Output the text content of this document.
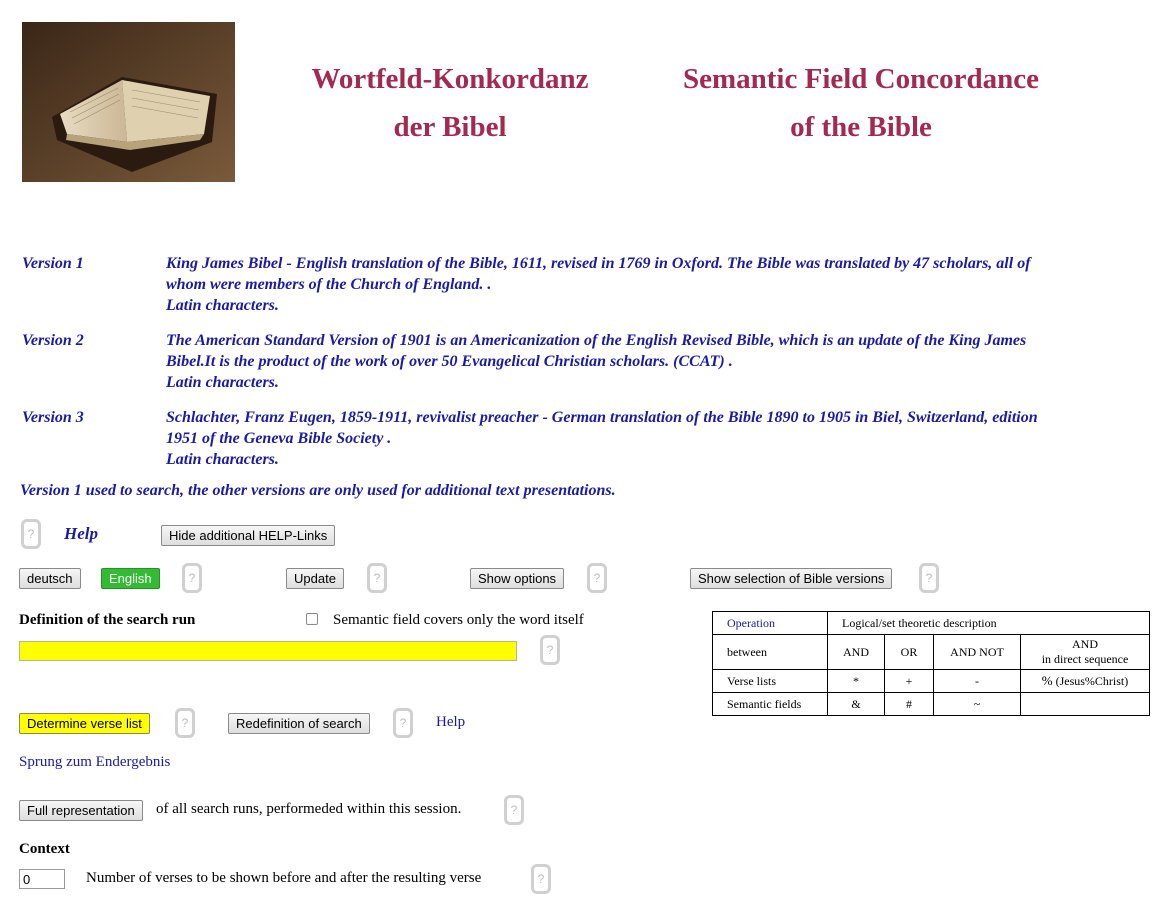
Wortfeld-Konkordanz
der Bibel
Semantic Field Concordance
of the Bible
Version 1	King James Bibel - English translation of the Bible, 1611, revised in 1769 in Oxford. The Bible was translated by 47 scholars, all of
whom were members of the Church of England. .
Latin characters.
Version 2	The American Standard Version of 1901 is an Americanization of the English Revised Bible, which is an update of the King James
Bibel.It is the product of the work of over 50 Evangelical Christian scholars. (CCAT) .
Latin characters.
Version 3	Schlachter, Franz Eugen, 1859-1911, revivalist preacher - German translation of the Bible 1890 to 1905 in Biel, Switzerland, edition
1951 of the Geneva Bible Society .
Latin characters.
Version 1 used to search, the other versions are only used for additional text presentations.
?	Help	Hide additional HELP-Links
deutsch	English	?	Update	?	Show options	?	Show selection of Bible versions	?
Definition of the search run	Semantic field covers only the word itself
?
Operation	Logical/set theoretic description			
between	AND	OR	AND NOT	AND
in direct sequence

Verse lists	*	+	-	% (Jesus%Christ)
Semantic fields	&	#	~	
Determine verse list	?	Redefinition of search	?	Help
Sprung zum Endergebnis
Full representation	of all search runs, performeded within this session.	?
Context
0
Number of verses to be shown before and after the resulting verse	?
